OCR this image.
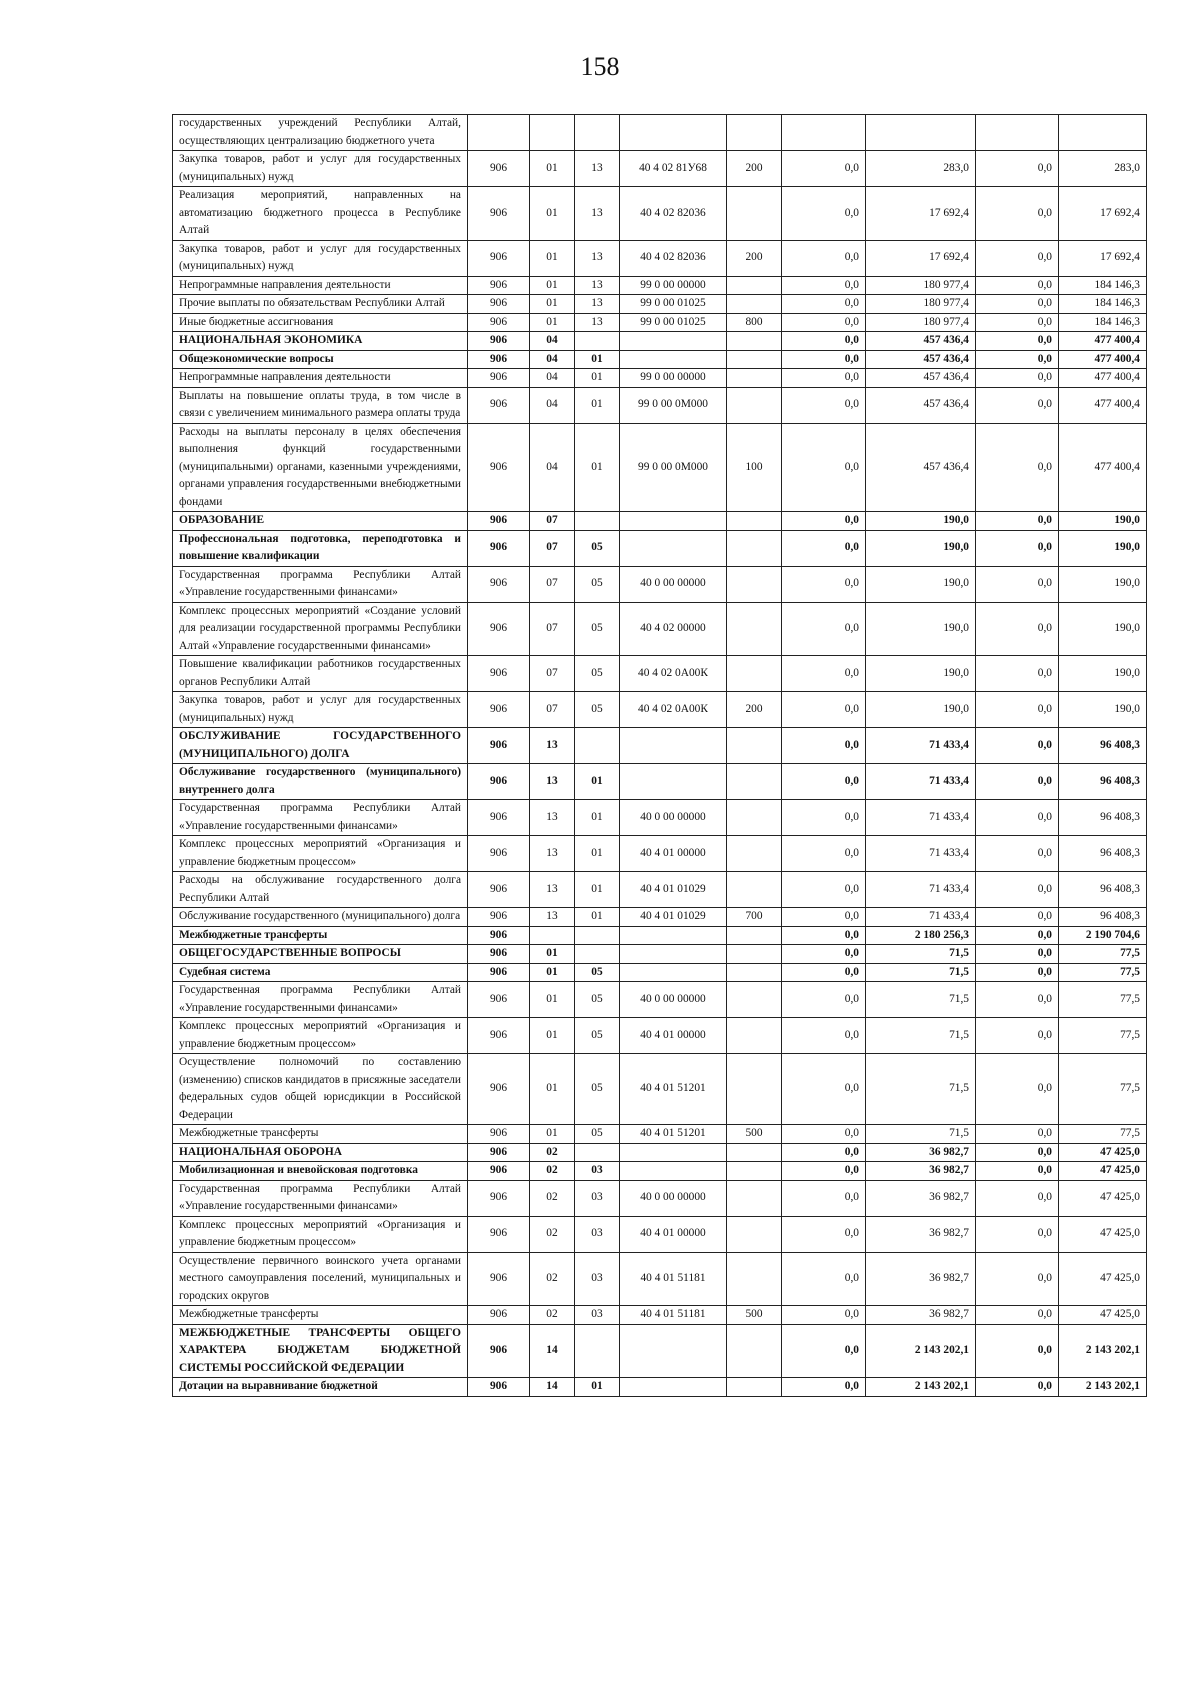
158
государственных учреждений Республики Алтай, осуществляющих централизацию бюджетного учета									
Закупка товаров, работ и услуг для государственных (муниципальных) нужд	906	01	13	40 4 02 81У68	200	0,0	283,0	0,0	283,0
Реализация мероприятий, направленных на автоматизацию бюджетного процесса в Республике Алтай	906	01	13	40 4 02 82036		0,0	17 692,4	0,0	17 692,4
Закупка товаров, работ и услуг для государственных (муниципальных) нужд	906	01	13	40 4 02 82036	200	0,0	17 692,4	0,0	17 692,4
Непрограммные направления деятельности	906	01	13	99 0 00 00000		0,0	180 977,4	0,0	184 146,3
Прочие выплаты по обязательствам Республики Алтай	906	01	13	99 0 00 01025		0,0	180 977,4	0,0	184 146,3
Иные бюджетные ассигнования	906	01	13	99 0 00 01025	800	0,0	180 977,4	0,0	184 146,3
НАЦИОНАЛЬНАЯ ЭКОНОМИКА	906	04				0,0	457 436,4	0,0	477 400,4
Общеэкономические вопросы	906	04	01			0,0	457 436,4	0,0	477 400,4
Непрограммные направления деятельности	906	04	01	99 0 00 00000		0,0	457 436,4	0,0	477 400,4
Выплаты на повышение оплаты труда, в том числе в связи с увеличением минимального размера оплаты труда	906	04	01	99 0 00 0М000		0,0	457 436,4	0,0	477 400,4
Расходы на выплаты персоналу в целях обеспечения выполнения функций государственными (муниципальными) органами, казенными учреждениями, органами управления государственными внебюджетными фондами	906	04	01	99 0 00 0М000	100	0,0	457 436,4	0,0	477 400,4
ОБРАЗОВАНИЕ	906	07				0,0	190,0	0,0	190,0
Профессиональная подготовка, переподготовка и повышение квалификации	906	07	05			0,0	190,0	0,0	190,0
Государственная программа Республики Алтай «Управление государственными финансами»	906	07	05	40 0 00 00000		0,0	190,0	0,0	190,0
Комплекс процессных мероприятий «Создание условий для реализации государственной программы Республики Алтай «Управление государственными финансами»	906	07	05	40 4 02 00000		0,0	190,0	0,0	190,0
Повышение квалификации работников государственных органов Республики Алтай	906	07	05	40 4 02 0А00К		0,0	190,0	0,0	190,0
Закупка товаров, работ и услуг для государственных (муниципальных) нужд	906	07	05	40 4 02 0А00К	200	0,0	190,0	0,0	190,0
ОБСЛУЖИВАНИЕ ГОСУДАРСТВЕННОГО (МУНИЦИПАЛЬНОГО) ДОЛГА	906	13				0,0	71 433,4	0,0	96 408,3
Обслуживание государственного (муниципального) внутреннего долга	906	13	01			0,0	71 433,4	0,0	96 408,3
Государственная программа Республики Алтай «Управление государственными финансами»	906	13	01	40 0 00 00000		0,0	71 433,4	0,0	96 408,3
Комплекс процессных мероприятий «Организация и управление бюджетным процессом»	906	13	01	40 4 01 00000		0,0	71 433,4	0,0	96 408,3
Расходы на обслуживание государственного долга Республики Алтай	906	13	01	40 4 01 01029		0,0	71 433,4	0,0	96 408,3
Обслуживание государственного (муниципального) долга	906	13	01	40 4 01 01029	700	0,0	71 433,4	0,0	96 408,3
Межбюджетные трансферты	906					0,0	2 180 256,3	0,0	2 190 704,6
ОБЩЕГОСУДАРСТВЕННЫЕ ВОПРОСЫ	906	01				0,0	71,5	0,0	77,5
Судебная система	906	01	05			0,0	71,5	0,0	77,5
Государственная программа Республики Алтай «Управление государственными финансами»	906	01	05	40 0 00 00000		0,0	71,5	0,0	77,5
Комплекс процессных мероприятий «Организация и управление бюджетным процессом»	906	01	05	40 4 01 00000		0,0	71,5	0,0	77,5
Осуществление полномочий по составлению (изменению) списков кандидатов в присяжные заседатели федеральных судов общей юрисдикции в Российской Федерации	906	01	05	40 4 01 51201		0,0	71,5	0,0	77,5
Межбюджетные трансферты	906	01	05	40 4 01 51201	500	0,0	71,5	0,0	77,5
НАЦИОНАЛЬНАЯ ОБОРОНА	906	02				0,0	36 982,7	0,0	47 425,0
Мобилизационная и вневойсковая подготовка	906	02	03			0,0	36 982,7	0,0	47 425,0
Государственная программа Республики Алтай «Управление государственными финансами»	906	02	03	40 0 00 00000		0,0	36 982,7	0,0	47 425,0
Комплекс процессных мероприятий «Организация и управление бюджетным процессом»	906	02	03	40 4 01 00000		0,0	36 982,7	0,0	47 425,0
Осуществление первичного воинского учета органами местного самоуправления поселений, муниципальных и городских округов	906	02	03	40 4 01 51181		0,0	36 982,7	0,0	47 425,0
Межбюджетные трансферты	906	02	03	40 4 01 51181	500	0,0	36 982,7	0,0	47 425,0
МЕЖБЮДЖЕТНЫЕ ТРАНСФЕРТЫ ОБЩЕГО ХАРАКТЕРА БЮДЖЕТАМ БЮДЖЕТНОЙ СИСТЕМЫ РОССИЙСКОЙ ФЕДЕРАЦИИ	906	14				0,0	2 143 202,1	0,0	2 143 202,1
Дотации на выравнивание бюджетной	906	14	01			0,0	2 143 202,1	0,0	2 143 202,1
